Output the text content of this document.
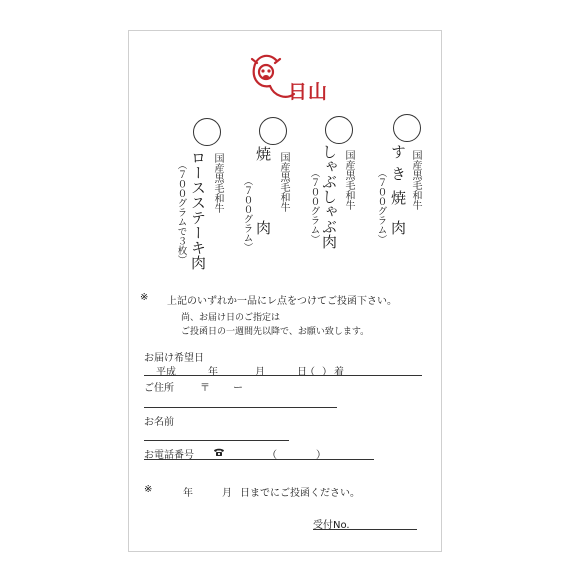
日山
国産黒毛和牛
す
き
焼
肉
（７００グラム）
国産黒毛和牛
しゃぶしゃぶ肉
（７００グラム）
国産黒毛和牛
焼
肉
（７００グラム）
国産黒毛和牛
ロースステーキ肉
（７００グラムで３枚）
※ 上記のいずれか一品にレ点をつけてご投函下さい。
尚、お届け日のご指定は
ご投函日の一週間先以降で、お願い致します。
お届け希望日
平成	年	月	日
（ ） 着
ご住所	〒 ー
お名前
お電話番号	（	）
※	年	月 日までにご投函ください。
受付No.
